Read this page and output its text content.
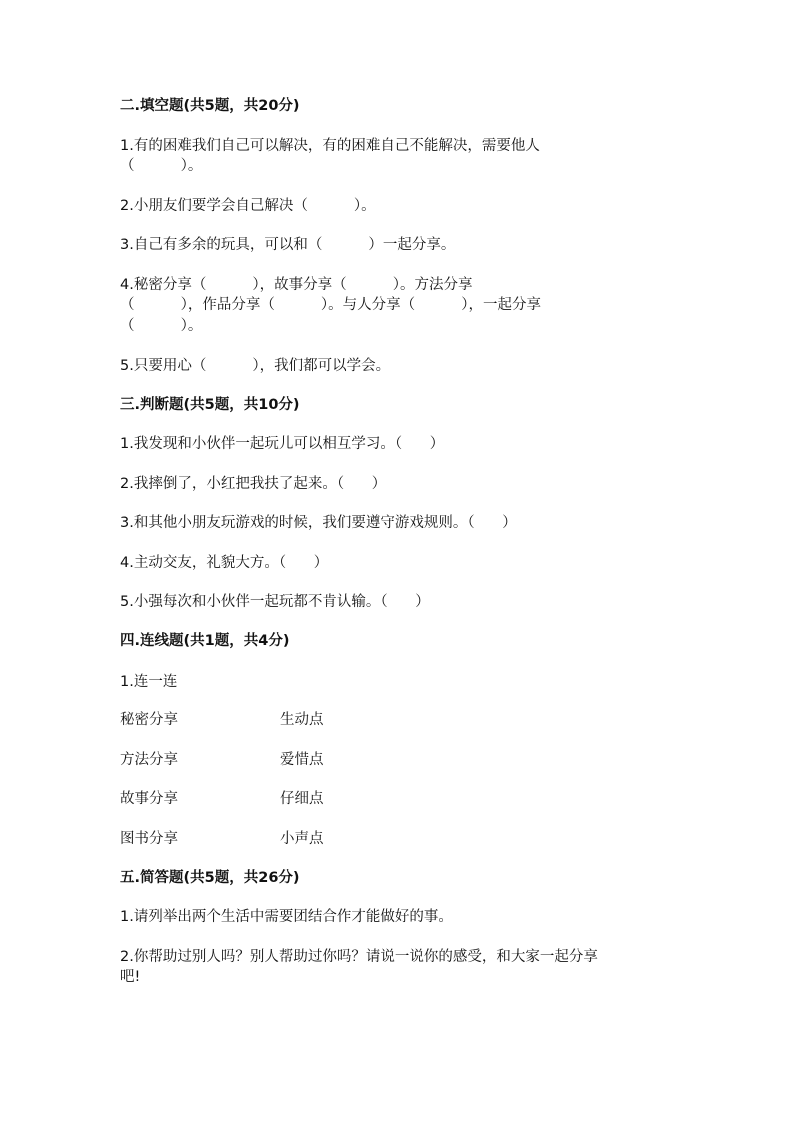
二.填空题(共5题，共20分)
1.有的困难我们自己可以解决，有的困难自己不能解决，需要他人
（          ）。
2.小朋友们要学会自己解决（          ）。
3.自己有多余的玩具，可以和（          ）一起分享。
4.秘密分享（          ），故事分享（          ）。方法分享
（          ），作品分享（          ）。与人分享（          ），一起分享
（          ）。
5.只要用心（          ），我们都可以学会。
三.判断题(共5题，共10分)
1.我发现和小伙伴一起玩儿可以相互学习。（      ）
2.我摔倒了，小红把我扶了起来。（      ）
3.和其他小朋友玩游戏的时候，我们要遵守游戏规则。（      ）
4.主动交友，礼貌大方。（      ）
5.小强每次和小伙伴一起玩都不肯认输。（      ）
四.连线题(共1题，共4分)
1.连一连
秘密分享	生动点
方法分享	爱惜点
故事分享	仔细点
图书分享	小声点
五.简答题(共5题，共26分)
1.请列举出两个生活中需要团结合作才能做好的事。
2.你帮助过别人吗？别人帮助过你吗？请说一说你的感受，和大家一起分享
吧!
